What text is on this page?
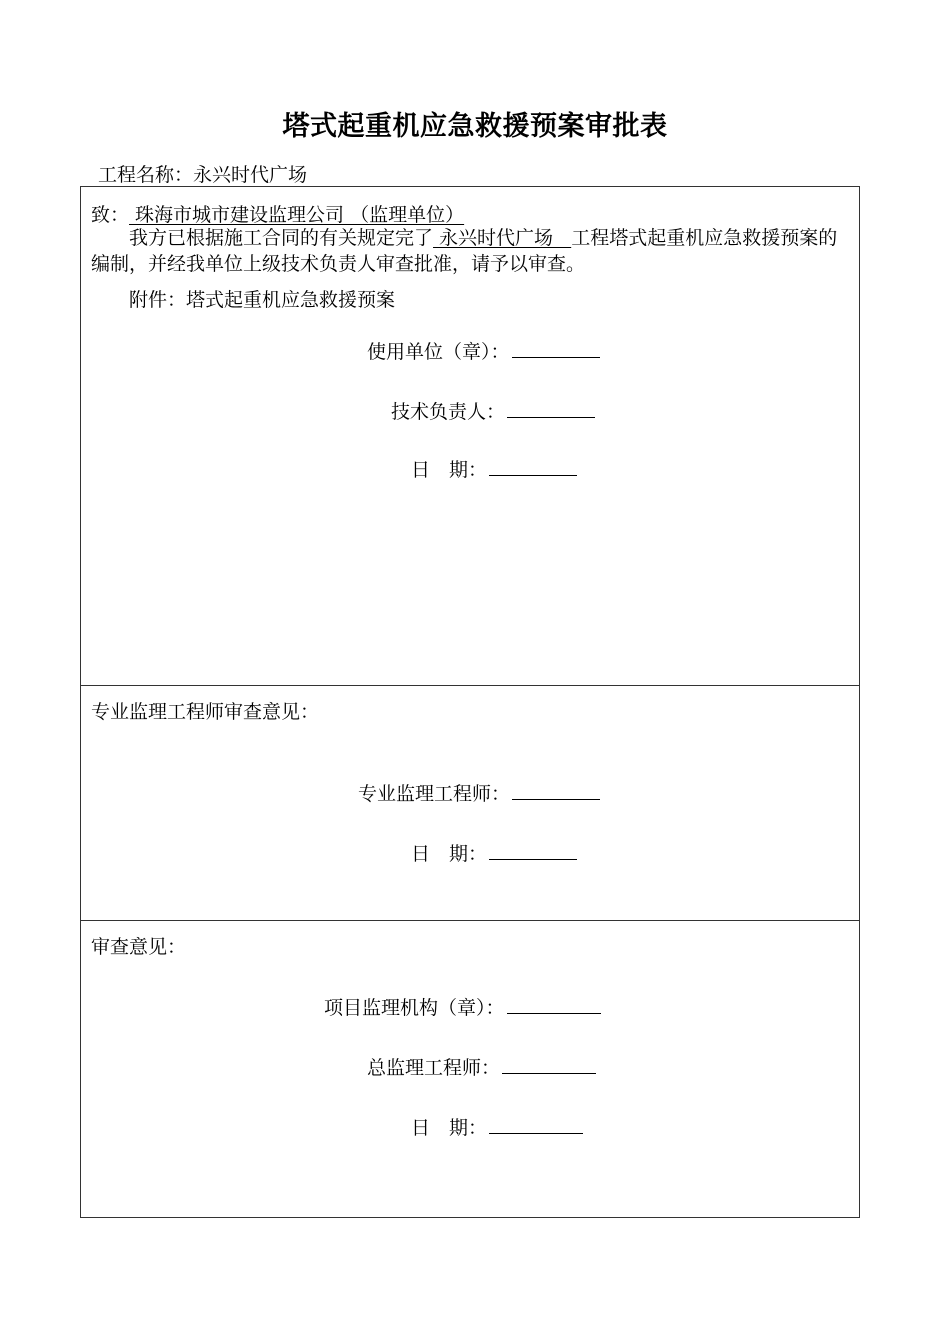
塔式起重机应急救援预案审批表
工程名称：永兴时代广场
致： 珠海市城市建设监理公司 （监理单位）
我方已根据施工合同的有关规定完了 永兴时代广场   工程塔式起重机应急救援预案的编制，并经我单位上级技术负责人审查批准，请予以审查。
附件：塔式起重机应急救援预案
使用单位（章）：
技术负责人：
日　期：
专业监理工程师审查意见：
专业监理工程师：
日　期：
审查意见：
项目监理机构（章）：
总监理工程师：
日　期：
